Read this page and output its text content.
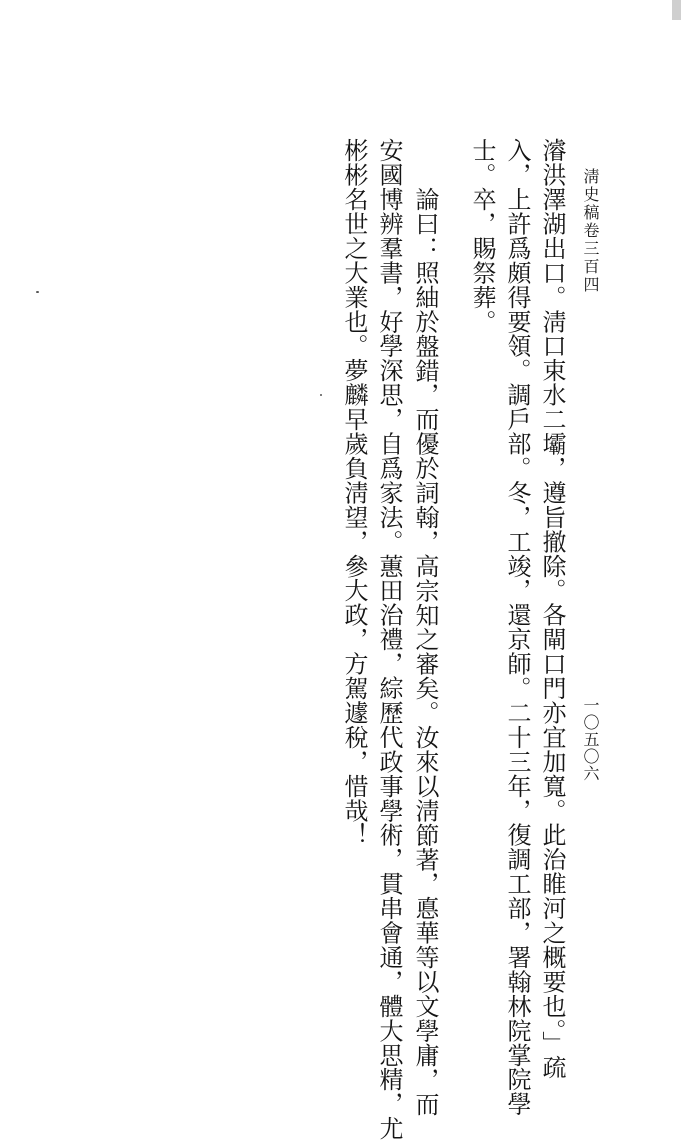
淸史稿卷三百四
一〇五〇六
濬洪澤湖出口。淸口束水二壩，遵旨撤除。各閘口門亦宜加寬。此治睢河之概要也。」疏
入，上許爲頗得要領。調戶部。冬，工竣，還京師。二十三年，復調工部，署翰林院掌院學
士。卒，賜祭葬。
論曰：照紬於盤錯，而優於詞翰，高宗知之審矣。汝來以淸節著，悳華等以文學庸，而
安國博辨羣書，好學深思，自爲家法。蕙田治禮，綜歷代政事學術，貫串會通，體大思精，尤
彬彬名世之大業也。夢麟早歲負淸望，參大政，方駕遽稅，惜哉！
